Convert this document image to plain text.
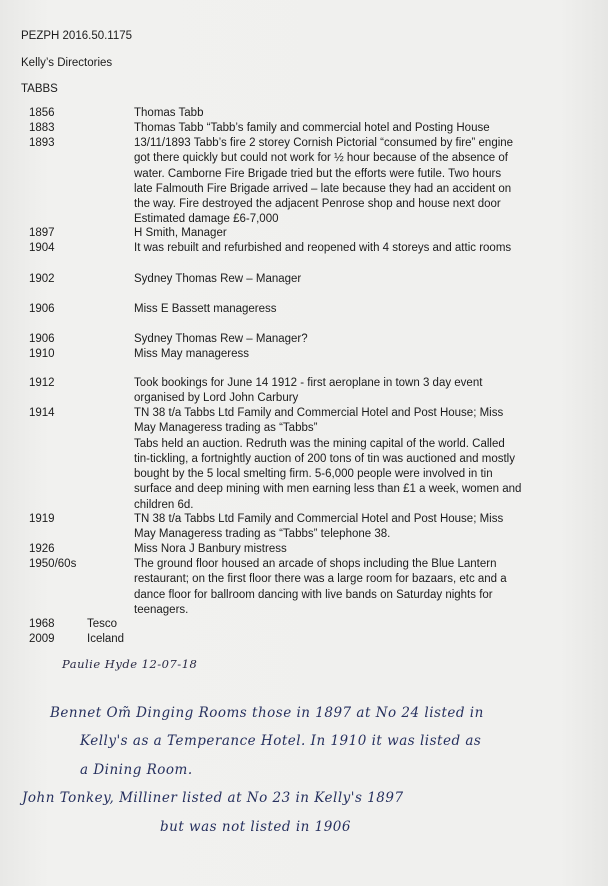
PEZPH 2016.50.1175
Kelly’s Directories
TABBS
1856	Thomas Tabb

1883	Thomas Tabb “Tabb’s family and commercial hotel and Posting House

1893	13/11/1893 Tabb’s fire 2 storey Cornish Pictorial “consumed by fire” engine got there quickly but could not work for ½ hour because of the absence of water. Camborne Fire Brigade tried but the efforts were futile. Two hours late Falmouth Fire Brigade arrived – late because they had an accident on the way. Fire destroyed the adjacent Penrose shop and house next door Estimated damage £6-7,000

1897	H Smith, Manager

1904	It was rebuilt and refurbished and reopened with 4 storeys and attic rooms

1902	Sydney Thomas Rew – Manager

1906	Miss E Bassett manageress

1906	Sydney Thomas Rew – Manager?

1910	Miss May manageress

1912	Took bookings for June 14 1912 - first aeroplane in town 3 day event organised by Lord John Carbury

1914	TN 38 t/a Tabbs Ltd Family and Commercial Hotel and Post House; Miss May Manageress trading as “Tabbs”

Tabs held an auction. Redruth was the mining capital of the world. Called tin-tickling, a fortnightly auction of 200 tons of tin was auctioned and mostly bought by the 5 local smelting firm. 5-6,000 people were involved in tin surface and deep mining with men earning less than £1 a week, women and children 6d.

1919	TN 38 t/a Tabbs Ltd Family and Commercial Hotel and Post House; Miss May Manageress trading as “Tabbs” telephone 38.

1926	Miss Nora J Banbury mistress

1950/60s	The ground floor housed an arcade of shops including the Blue Lantern restaurant; on the first floor there was a large room for bazaars, etc and a dance floor for ballroom dancing with live bands on Saturday nights for teenagers.

1968	Tesco
2009	Iceland
Paulie Hyde 12-07-18
Bennet Om̃ Dinging Rooms those in 1897 at No 24 listed in
Kelly's as a Temperance Hotel. In 1910 it was listed as
a Dining Room.
John Tonkey, Milliner listed at No 23 in Kelly's 1897
but was not listed in 1906
